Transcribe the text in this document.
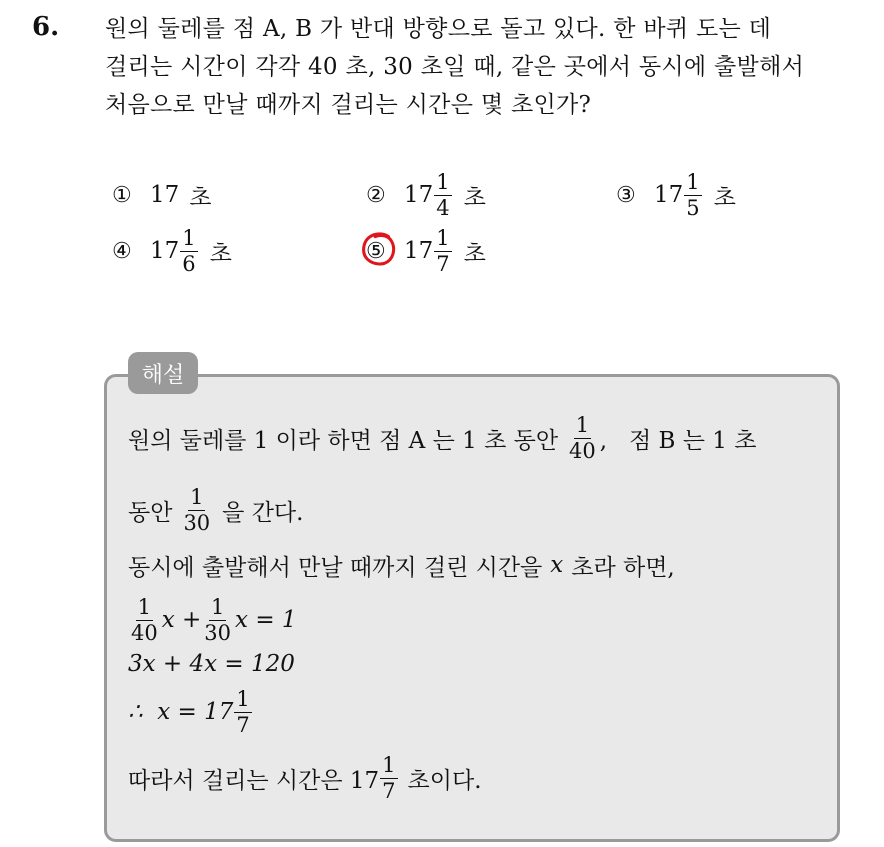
6. 원의 둘레를 점 A, B 가 반대 방향으로 돌고 있다. 한 바퀴 도는 데
걸리는 시간이 각각 40 초, 30 초일 때, 같은 곳에서 동시에 출발해서
처음으로 만날 때까지 걸리는 시간은 몇 초인가?
① 17 초	② $17 \frac{1}{4}$ 초	③ $17 \frac{1}{5}$ 초
④ $17 \frac{1}{6}$ 초	⑤ $17 \frac{1}{7}$ 초
해설
원의 둘레를 1 이라 하면 점 A 는 1 초 동안 $\frac{1}{40}$ ,   점 B 는 1 초
동안 $\frac{1}{30}$ 을 간다.
동시에 출발해서 만날 때까지 걸린 시간을 x 초라 하면,
$\frac{1}{40}$ $x + \frac{1}{30}$ x = 1
3x + 4x = 120
∴  $x = 17 \frac{1}{7}$
따라서 걸리는 시간은 $17 \frac{1}{7}$ 초이다.
